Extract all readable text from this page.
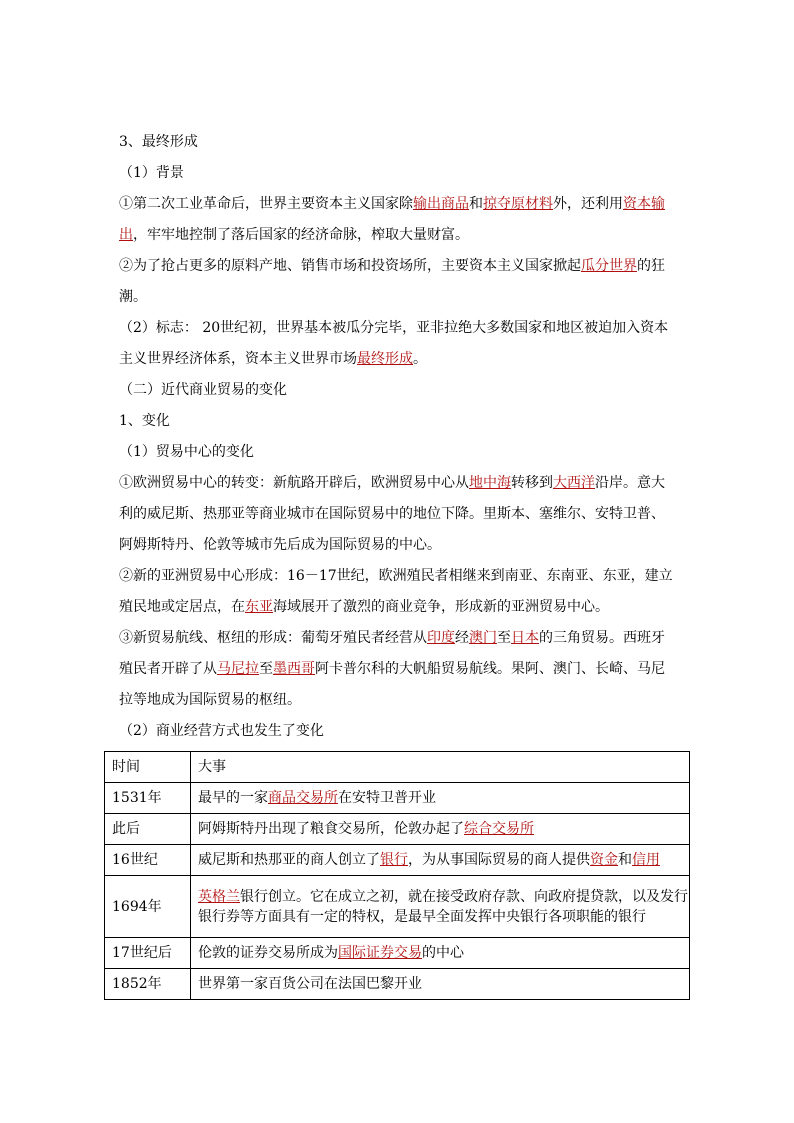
3、最终形成
（1）背景
①第二次工业革命后，世界主要资本主义国家除输出商品和掠夺原材料外，还利用资本输
出，牢牢地控制了落后国家的经济命脉，榨取大量财富。
②为了抢占更多的原料产地、销售市场和投资场所，主要资本主义国家掀起瓜分世界的狂
潮。
（2）标志： 20世纪初，世界基本被瓜分完毕，亚非拉绝大多数国家和地区被迫加入资本
主义世界经济体系，资本主义世界市场最终形成。
（二）近代商业贸易的变化
1、变化
（1）贸易中心的变化
①欧洲贸易中心的转变：新航路开辟后，欧洲贸易中心从地中海转移到大西洋沿岸。意大
利的威尼斯、热那亚等商业城市在国际贸易中的地位下降。里斯本、塞维尔、安特卫普、
阿姆斯特丹、伦敦等城市先后成为国际贸易的中心。
②新的亚洲贸易中心形成：16－17世纪，欧洲殖民者相继来到南亚、东南亚、东亚，建立
殖民地或定居点，在东亚海域展开了激烈的商业竞争，形成新的亚洲贸易中心。
③新贸易航线、枢纽的形成：葡萄牙殖民者经营从印度经澳门至日本的三角贸易。西班牙
殖民者开辟了从马尼拉至墨西哥阿卡普尔科的大帆船贸易航线。果阿、澳门、长崎、马尼
拉等地成为国际贸易的枢纽。
（2）商业经营方式也发生了变化
时间	大事
1531年	最早的一家商品交易所在安特卫普开业

此后	阿姆斯特丹出现了粮食交易所，伦敦办起了综合交易所

16世纪	威尼斯和热那亚的商人创立了银行，为从事国际贸易的商人提供资金和信用

1694年	英格兰银行创立。它在成立之初，就在接受政府存款、向政府提贷款，以及发行银行券等方面具有一定的特权，是最早全面发挥中央银行各项职能的银行

17世纪后	伦敦的证券交易所成为国际证券交易的中心

1852年	世界第一家百货公司在法国巴黎开业
